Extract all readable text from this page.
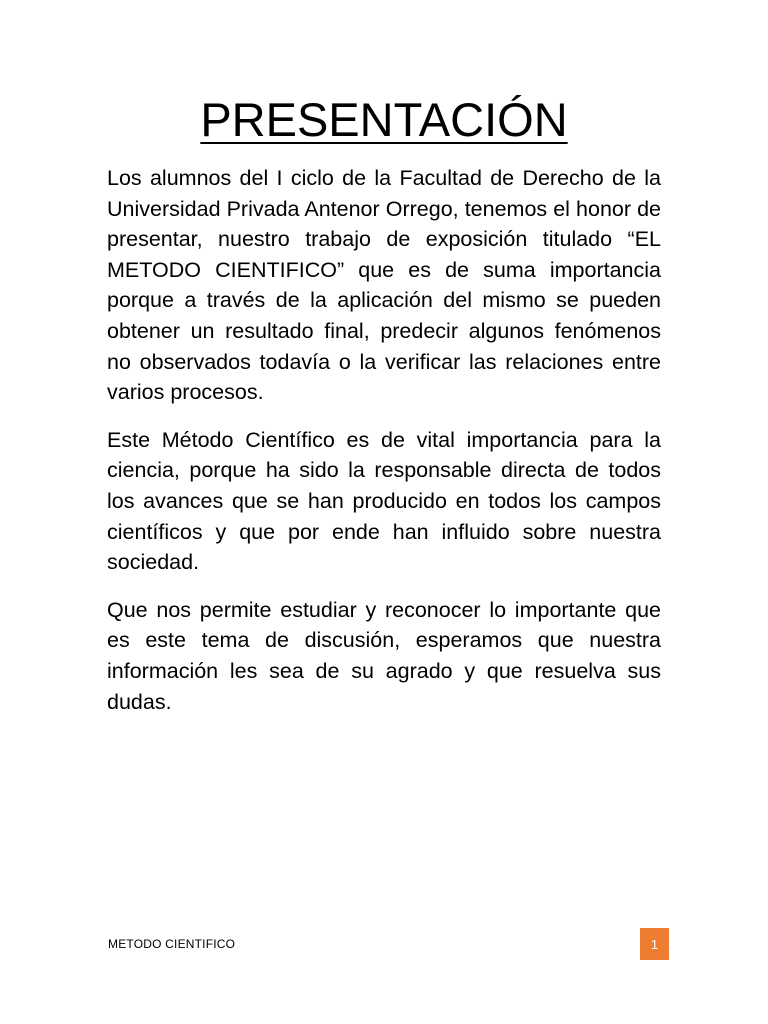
PRESENTACIÓN

Los alumnos del I ciclo de la Facultad de Derecho de la Universidad Privada Antenor Orrego, tenemos el honor de presentar, nuestro trabajo de exposición titulado “EL METODO CIENTIFICO” que es de suma importancia porque a través de la aplicación del mismo se pueden obtener un resultado final, predecir algunos fenómenos no observados todavía o la verificar las relaciones entre varios procesos.

Este Método Científico es de vital importancia para la ciencia, porque ha sido la responsable directa de todos los avances que se han producido en todos los campos científicos y que por ende han influido sobre nuestra sociedad.

Que nos permite estudiar y reconocer lo importante que es este tema de discusión, esperamos que nuestra información les sea de su agrado y que resuelva sus dudas.

METODO CIENTIFICO	1
